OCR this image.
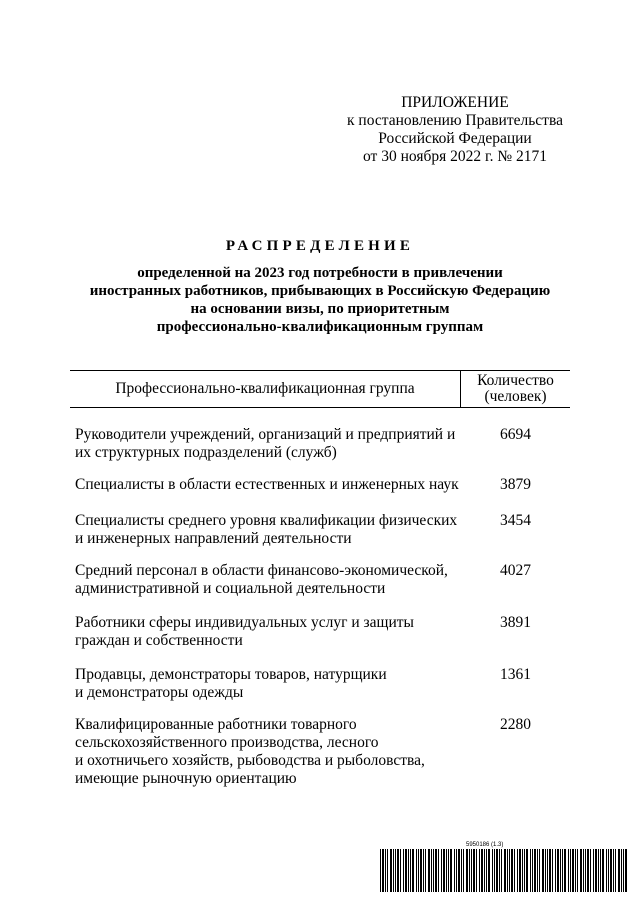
ПРИЛОЖЕНИЕ
к постановлению Правительства
Российской Федерации
от 30 ноября 2022 г. № 2171
РАСПРЕДЕЛЕНИЕ
определенной на 2023 год потребности в привлечении
иностранных работников, прибывающих в Российскую Федерацию
на основании визы, по приоритетным
профессионально-квалификационным группам
Профессионально-квалификационная группа	Количество
(человек)
Руководители учреждений, организаций и предприятий и
их структурных подразделений (служб)
6694
Специалисты в области естественных и инженерных наук	3879
Специалисты среднего уровня квалификации физических
и инженерных направлений деятельности
3454
Средний персонал в области финансово-экономической,
административной и социальной деятельности
4027
Работники сферы индивидуальных услуг и защиты
граждан и собственности
3891
Продавцы, демонстраторы товаров, натурщики
и демонстраторы одежды
1361
Квалифицированные работники товарного
сельскохозяйственного производства, лесного
и охотничьего хозяйств, рыбоводства и рыболовства,
имеющие рыночную ориентацию
2280
5950186 (1.3)
